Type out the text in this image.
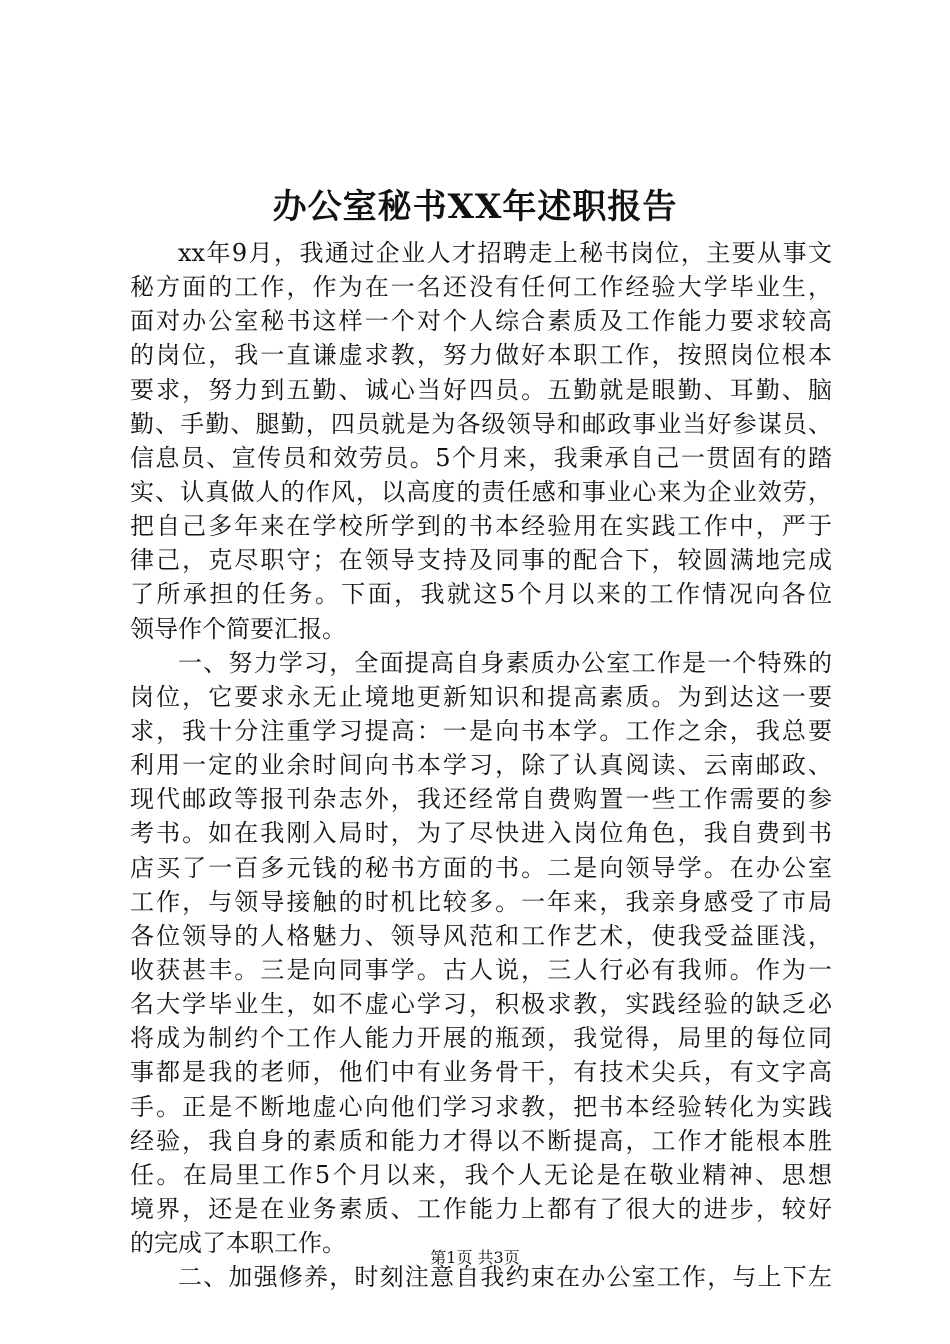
办公室秘书XX年述职报告

xx年9月，我通过企业人才招聘走上秘书岗位，主要从事文

秘方面的工作，作为在一名还没有任何工作经验大学毕业生，

面对办公室秘书这样一个对个人综合素质及工作能力要求较高

的岗位，我一直谦虚求教，努力做好本职工作，按照岗位根本

要求，努力到五勤、诚心当好四员。五勤就是眼勤、耳勤、脑

勤、手勤、腿勤，四员就是为各级领导和邮政事业当好参谋员、

信息员、宣传员和效劳员。5个月来，我秉承自己一贯固有的踏

实、认真做人的作风，以高度的责任感和事业心来为企业效劳，

把自己多年来在学校所学到的书本经验用在实践工作中，严于

律己，克尽职守；在领导支持及同事的配合下，较圆满地完成

了所承担的任务。下面，我就这5个月以来的工作情况向各位

领导作个简要汇报。

一、努力学习，全面提高自身素质办公室工作是一个特殊的

岗位，它要求永无止境地更新知识和提高素质。为到达这一要

求，我十分注重学习提高：一是向书本学。工作之余，我总要

利用一定的业余时间向书本学习，除了认真阅读、云南邮政、

现代邮政等报刊杂志外，我还经常自费购置一些工作需要的参

考书。如在我刚入局时，为了尽快进入岗位角色，我自费到书

店买了一百多元钱的秘书方面的书。二是向领导学。在办公室

工作，与领导接触的时机比较多。一年来，我亲身感受了市局

各位领导的人格魅力、领导风范和工作艺术，使我受益匪浅，

收获甚丰。三是向同事学。古人说，三人行必有我师。作为一

名大学毕业生，如不虚心学习，积极求教，实践经验的缺乏必

将成为制约个工作人能力开展的瓶颈，我觉得，局里的每位同

事都是我的老师，他们中有业务骨干，有技术尖兵，有文字高

手。正是不断地虚心向他们学习求教，把书本经验转化为实践

经验，我自身的素质和能力才得以不断提高，工作才能根本胜

任。在局里工作5个月以来，我个人无论是在敬业精神、思想

境界，还是在业务素质、工作能力上都有了很大的进步，较好

的完成了本职工作。

二、加强修养，时刻注意自我约束在办公室工作，与上下左

第1页 共3页
